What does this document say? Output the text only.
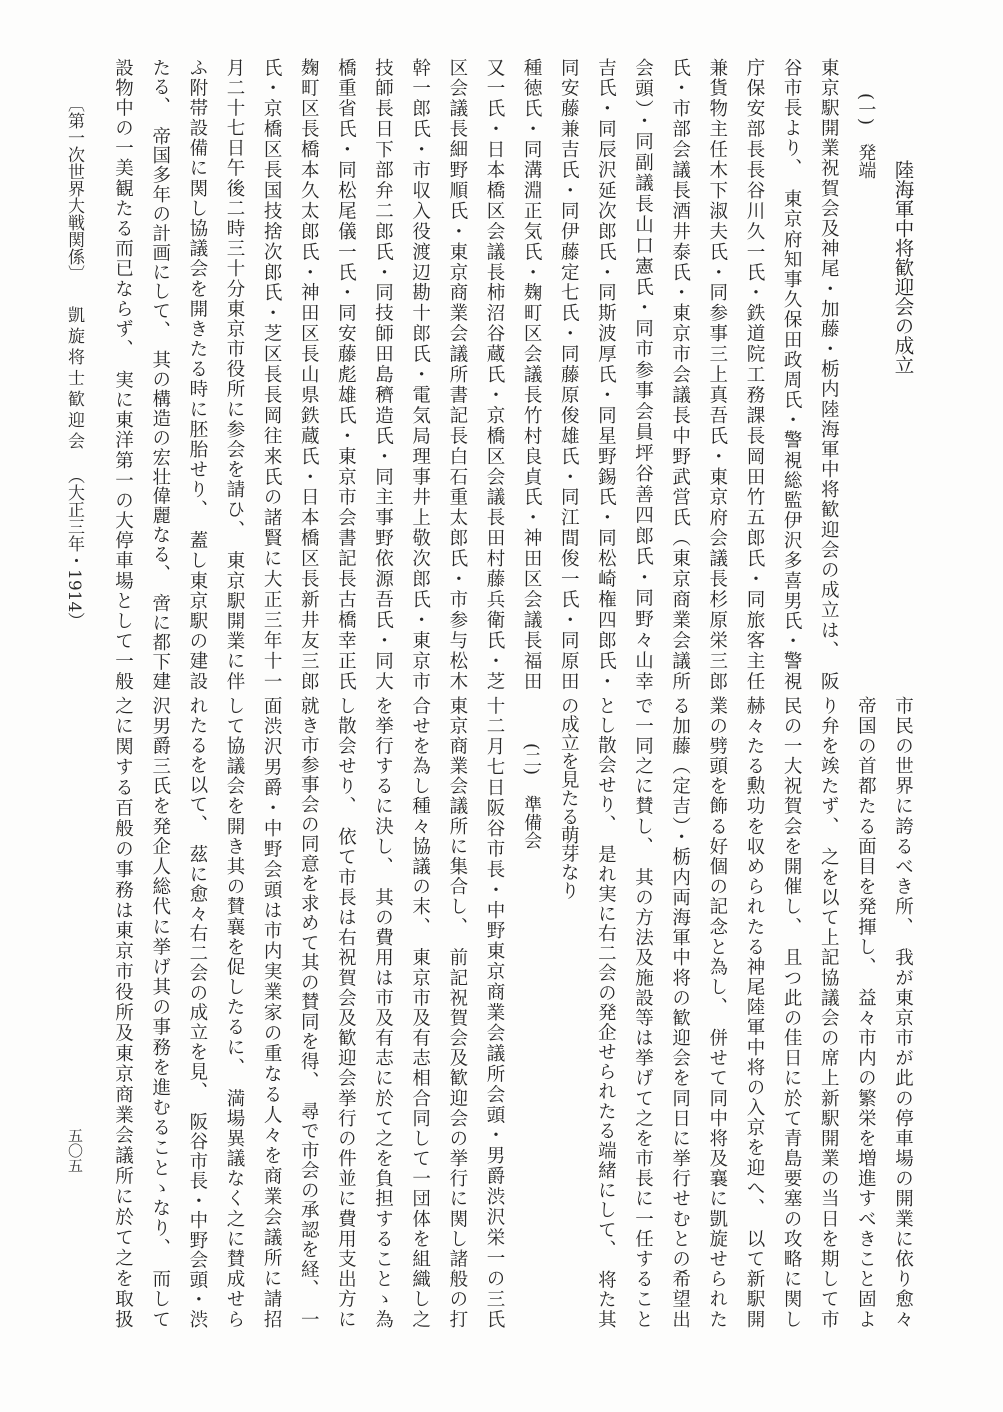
陸海軍中将歓迎会の成立
(一)発端
東京駅開業祝賀会及神尾・加藤・栃内陸海軍中将歓迎会の成立は、　阪
谷市長より、　東京府知事久保田政周氏・警視総監伊沢多喜男氏・警視
庁保安部長長谷川久一氏・鉄道院工務課長岡田竹五郎氏・同旅客主任
兼貨物主任木下淑夫氏・同参事三上真吾氏・東京府会議長杉原栄三郎
氏・市部会議長酒井泰氏・東京市会議長中野武営氏（東京商業会議所
会頭）・同副議長山口憲氏・同市参事会員坪谷善四郎氏・同野々山幸
吉氏・同辰沢延次郎氏・同斯波厚氏・同星野錫氏・同松崎権四郎氏・
同安藤兼吉氏・同伊藤定七氏・同藤原俊雄氏・同江間俊一氏・同原田
種徳氏・同溝淵正気氏・麹町区会議長竹村良貞氏・神田区会議長福田
又一氏・日本橋区会議長柿沼谷蔵氏・京橋区会議長田村藤兵衛氏・芝
区会議長細野順氏・東京商業会議所書記長白石重太郎氏・市参与松木
幹一郎氏・市収入役渡辺勘十郎氏・電気局理事井上敬次郎氏・東京市
技師長日下部弁二郎氏・同技師田島穧造氏・同主事野依源吾氏・同大
橋重省氏・同松尾儀一氏・同安藤彪雄氏・東京市会書記長古橋幸正氏
麹町区長橋本久太郎氏・神田区長山県鉄蔵氏・日本橋区長新井友三郎
氏・京橋区長国技捨次郎氏・芝区長長岡往来氏の諸賢に大正三年十一
月二十七日午後二時三十分東京市役所に参会を請ひ、　東京駅開業に伴
ふ附帯設備に関し協議会を開きたる時に胚胎せり、　蓋し東京駅の建設
たる、　帝国多年の計画にして、　其の構造の宏壮偉麗なる、　啻に都下建
設物中の一美観たる而已ならず、　実に東洋第一の大停車場として一般
市民の世界に誇るべき所、　我が東京市が此の停車場の開業に依り愈々
帝国の首都たる面目を発揮し、　益々市内の繁栄を増進すべきこと固よ
り弁を竢たず、　之を以て上記協議会の席上新駅開業の当日を期して市
民の一大祝賀会を開催し、　且つ此の佳日に於て青島要塞の攻略に関し
赫々たる勲功を収められたる神尾陸軍中将の入京を迎へ、　以て新駅開
業の劈頭を飾る好個の記念と為し、　併せて同中将及襄に凱旋せられた
る加藤（定吉）・栃内両海軍中将の歓迎会を同日に挙行せむとの希望出
で一同之に賛し、　其の方法及施設等は挙げて之を市長に一任すること
とし散会せり、　是れ実に右二会の発企せられたる端緒にして、　将た其
の成立を見たる萌芽なり
十二月七日阪谷市長・中野東京商業会議所会頭・男爵渋沢栄一の三氏
東京商業会議所に集合し、　前記祝賀会及歓迎会の挙行に関し諸般の打
合せを為し種々協議の末、　東京市及有志相合同して一団体を組織し之
を挙行するに決し、　其の費用は市及有志に於て之を負担することゝ為
し散会せり、　依て市長は右祝賀会及歓迎会挙行の件並に費用支出方に
就き市参事会の同意を求めて其の賛同を得、　尋で市会の承認を経、　一
面渋沢男爵・中野会頭は市内実業家の重なる人々を商業会議所に請招
して協議会を開き其の賛襄を促したるに、　満場異議なく之に賛成せら
れたるを以て、　茲に愈々右二会の成立を見、　阪谷市長・中野会頭・渋
沢男爵三氏を発企人総代に挙げ其の事務を進むることゝなり、　而して
之に関する百般の事務は東京市役所及東京商業会議所に於て之を取扱	(二)準備会
〔第一次世界大戦関係〕凱旋将士歓迎会（大正三年・1914）
五〇五
